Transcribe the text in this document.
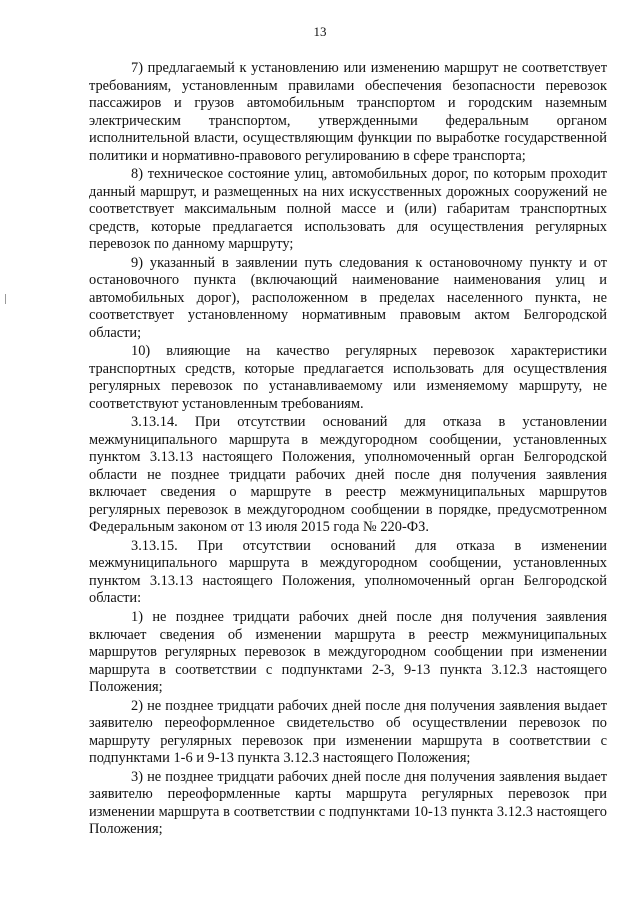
13

7) предлагаемый к установлению или изменению маршрут не соответствует требованиям, установленным правилами обеспечения безопасности перевозок пассажиров и грузов автомобильным транспортом и городским наземным электрическим транспортом, утвержденными федеральным органом исполнительной власти, осуществляющим функции по выработке государственной политики и нормативно-правового регулированию в сфере транспорта;

8) техническое состояние улиц, автомобильных дорог, по которым проходит данный маршрут, и размещенных на них искусственных дорожных сооружений не соответствует максимальным полной массе и (или) габаритам транспортных средств, которые предлагается использовать для осуществления регулярных перевозок по данному маршруту;

9) указанный в заявлении путь следования к остановочному пункту и от остановочного пункта (включающий наименование наименования улиц и автомобильных дорог), расположенном в пределах населенного пункта, не соответствует установленному нормативным правовым актом Белгородской области;

10) влияющие на качество регулярных перевозок характеристики транспортных средств, которые предлагается использовать для осуществления регулярных перевозок по устанавливаемому или изменяемому маршруту, не соответствуют установленным требованиям.

3.13.14. При отсутствии оснований для отказа в установлении межмуниципального маршрута в междугородном сообщении, установленных пунктом 3.13.13 настоящего Положения, уполномоченный орган Белгородской области не позднее тридцати рабочих дней после дня получения заявления включает сведения о маршруте в реестр межмуниципальных маршрутов регулярных перевозок в междугородном сообщении в порядке, предусмотренном Федеральным законом от 13 июля 2015 года № 220-ФЗ.

3.13.15. При отсутствии оснований для отказа в изменении межмуниципального маршрута в междугородном сообщении, установленных пунктом 3.13.13 настоящего Положения, уполномоченный орган Белгородской области:

1) не позднее тридцати рабочих дней после дня получения заявления включает сведения об изменении маршрута в реестр межмуниципальных маршрутов регулярных перевозок в междугородном сообщении при изменении маршрута в соответствии с подпунктами 2-3, 9-13 пункта 3.12.3 настоящего Положения;

2) не позднее тридцати рабочих дней после дня получения заявления выдает заявителю переоформленное свидетельство об осуществлении перевозок по маршруту регулярных перевозок при изменении маршрута в соответствии с подпунктами 1-6 и 9-13 пункта 3.12.3 настоящего Положения;

3) не позднее тридцати рабочих дней после дня получения заявления выдает заявителю переоформленные карты маршрута регулярных перевозок при изменении маршрута в соответствии с подпунктами 10-13 пункта 3.12.3 настоящего Положения;
